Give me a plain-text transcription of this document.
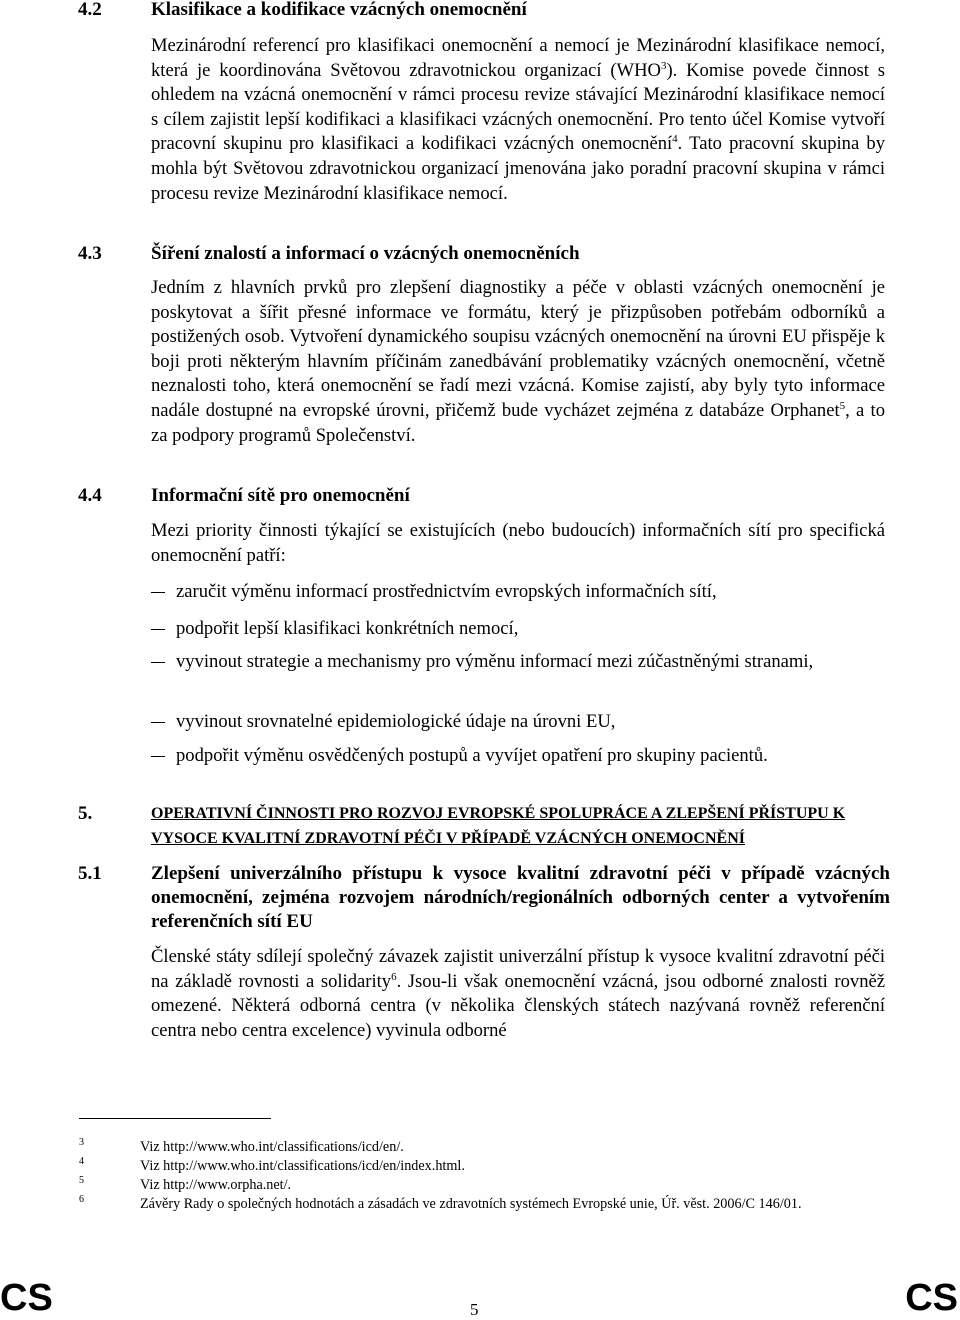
4.2	Klasifikace a kodifikace vzácných onemocnění

Mezinárodní referencí pro klasifikaci onemocnění a nemocí je Mezinárodní klasifikace nemocí, která je koordinována Světovou zdravotnickou organizací (WHO$^3$). Komise povede činnost s ohledem na vzácná onemocnění v rámci procesu revize stávající Mezinárodní klasifikace nemocí s cílem zajistit lepší kodifikaci a klasifikaci vzácných onemocnění. Pro tento účel Komise vytvoří pracovní skupinu pro klasifikaci a kodifikaci vzácných onemocnění$^4$. Tato pracovní skupina by mohla být Světovou zdravotnickou organizací jmenována jako poradní pracovní skupina v rámci procesu revize Mezinárodní klasifikace nemocí.

4.3	Šíření znalostí a informací o vzácných onemocněních

Jedním z hlavních prvků pro zlepšení diagnostiky a péče v oblasti vzácných onemocnění je poskytovat a šířit přesné informace ve formátu, který je přizpůsoben potřebám odborníků a postižených osob. Vytvoření dynamického soupisu vzácných onemocnění na úrovni EU přispěje k boji proti některým hlavním příčinám zanedbávání problematiky vzácných onemocnění, včetně neznalosti toho, která onemocnění se řadí mezi vzácná. Komise zajistí, aby byly tyto informace nadále dostupné na evropské úrovni, přičemž bude vycházet zejména z databáze Orphanet$^5$, a to za podpory programů Společenství.

4.4	Informační sítě pro onemocnění

Mezi priority činnosti týkající se existujících (nebo budoucích) informačních sítí pro specifická onemocnění patří:

zaručit výměnu informací prostřednictvím evropských informačních sítí,
podpořit lepší klasifikaci konkrétních nemocí,
vyvinout strategie a mechanismy pro výměnu informací mezi zúčastněnými stranami,
vyvinout srovnatelné epidemiologické údaje na úrovni EU,
podpořit výměnu osvědčených postupů a vyvíjet opatření pro skupiny pacientů.
5.	OPERATIVNÍ ČINNOSTI PRO ROZVOJ EVROPSKÉ SPOLUPRÁCE A ZLEPŠENÍ PŘÍSTUPU K VYSOCE KVALITNÍ ZDRAVOTNÍ PÉČI V PŘÍPADĚ VZÁCNÝCH ONEMOCNĚNÍ
5.1	Zlepšení univerzálního přístupu k vysoce kvalitní zdravotní péči v případě vzácných onemocnění, zejména rozvojem národních/regionálních odborných center a vytvořením referenčních sítí EU

Členské státy sdílejí společný závazek zajistit univerzální přístup k vysoce kvalitní zdravotní péči na základě rovnosti a solidarity$^6$. Jsou-li však onemocnění vzácná, jsou odborné znalosti rovněž omezené. Některá odborná centra (v několika členských státech nazývaná rovněž referenční centra nebo centra excelence) vyvinula odborné

3	Viz http://www.who.int/classifications/icd/en/.
4	Viz http://www.who.int/classifications/icd/en/index.html.
5	Viz http://www.orpha.net/.
6	Závěry Rady o společných hodnotách a zásadách ve zdravotních systémech Evropské unie, Úř. věst. 2006/C 146/01.
CS	5	CS
